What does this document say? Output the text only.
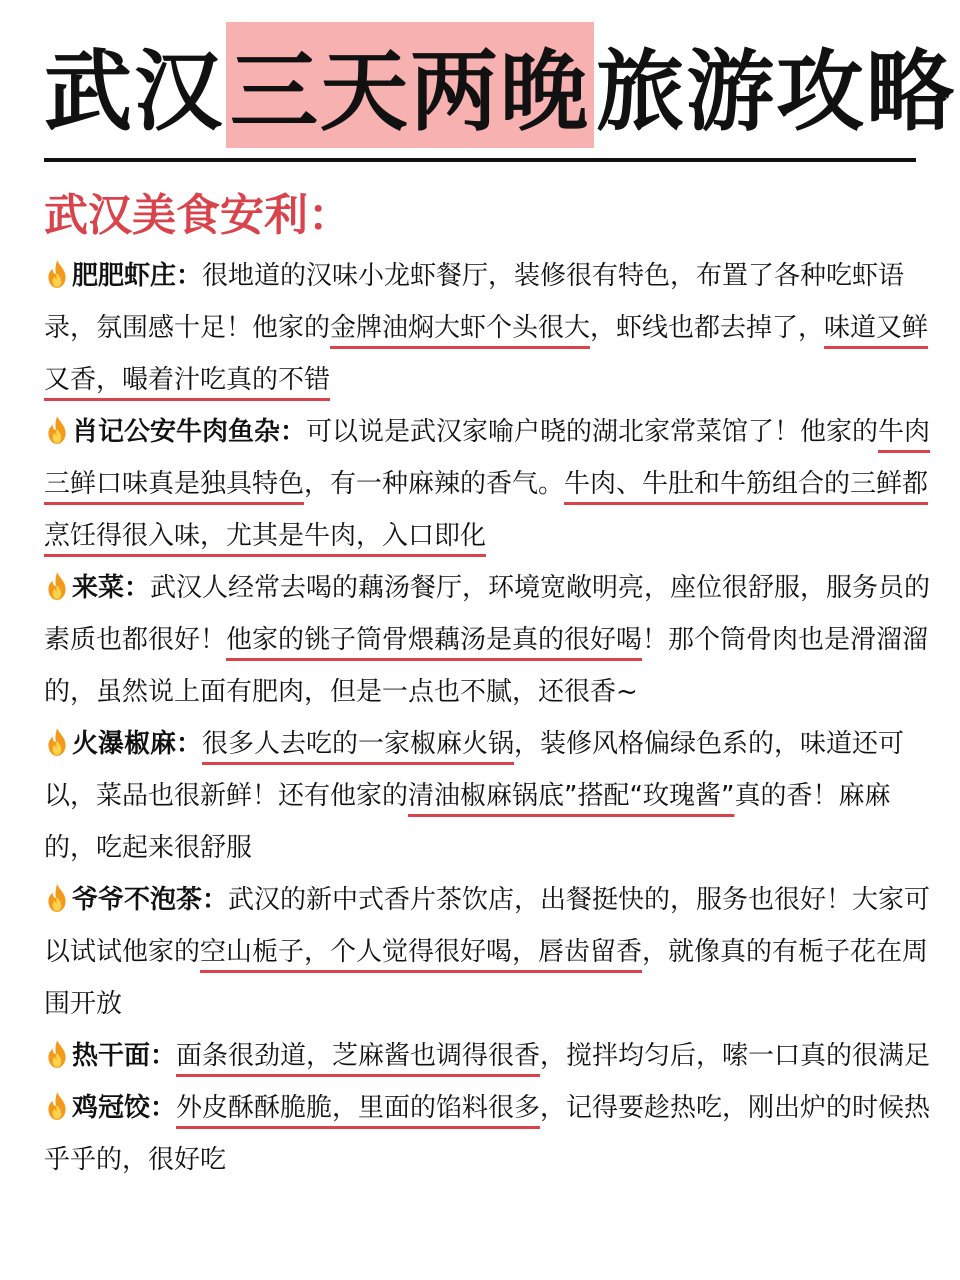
武汉 三天两晚 旅游攻略
武汉美食安利：

肥肥虾庄：很地道的汉味小龙虾餐厅，装修很有特色，布置了各种吃虾语录，氛围感十足！他家的金牌油焖大虾个头很大，虾线也都去掉了，味道又鲜又香，嘬着汁吃真的不错

肖记公安牛肉鱼杂：可以说是武汉家喻户晓的湖北家常菜馆了！他家的牛肉三鲜口味真是独具特色，有一种麻辣的香气。牛肉、牛肚和牛筋组合的三鲜都烹饪得很入味，尤其是牛肉，入口即化

来菜：武汉人经常去喝的藕汤餐厅，环境宽敞明亮，座位很舒服，服务员的素质也都很好！他家的铫子筒骨煨藕汤是真的很好喝！那个筒骨肉也是滑溜溜的，虽然说上面有肥肉，但是一点也不腻，还很香~

火瀑椒麻：很多人去吃的一家椒麻火锅，装修风格偏绿色系的，味道还可以，菜品也很新鲜！还有他家的清油椒麻锅底”搭配“玫瑰酱”真的香！麻麻的，吃起来很舒服

爷爷不泡茶：武汉的新中式香片茶饮店，出餐挺快的，服务也很好！大家可以试试他家的空山栀子，个人觉得很好喝，唇齿留香，就像真的有栀子花在周围开放

热干面：面条很劲道，芝麻酱也调得很香，搅拌均匀后，嗦一口真的很满足

鸡冠饺：外皮酥酥脆脆，里面的馅料很多，记得要趁热吃，刚出炉的时候热乎乎的，很好吃
